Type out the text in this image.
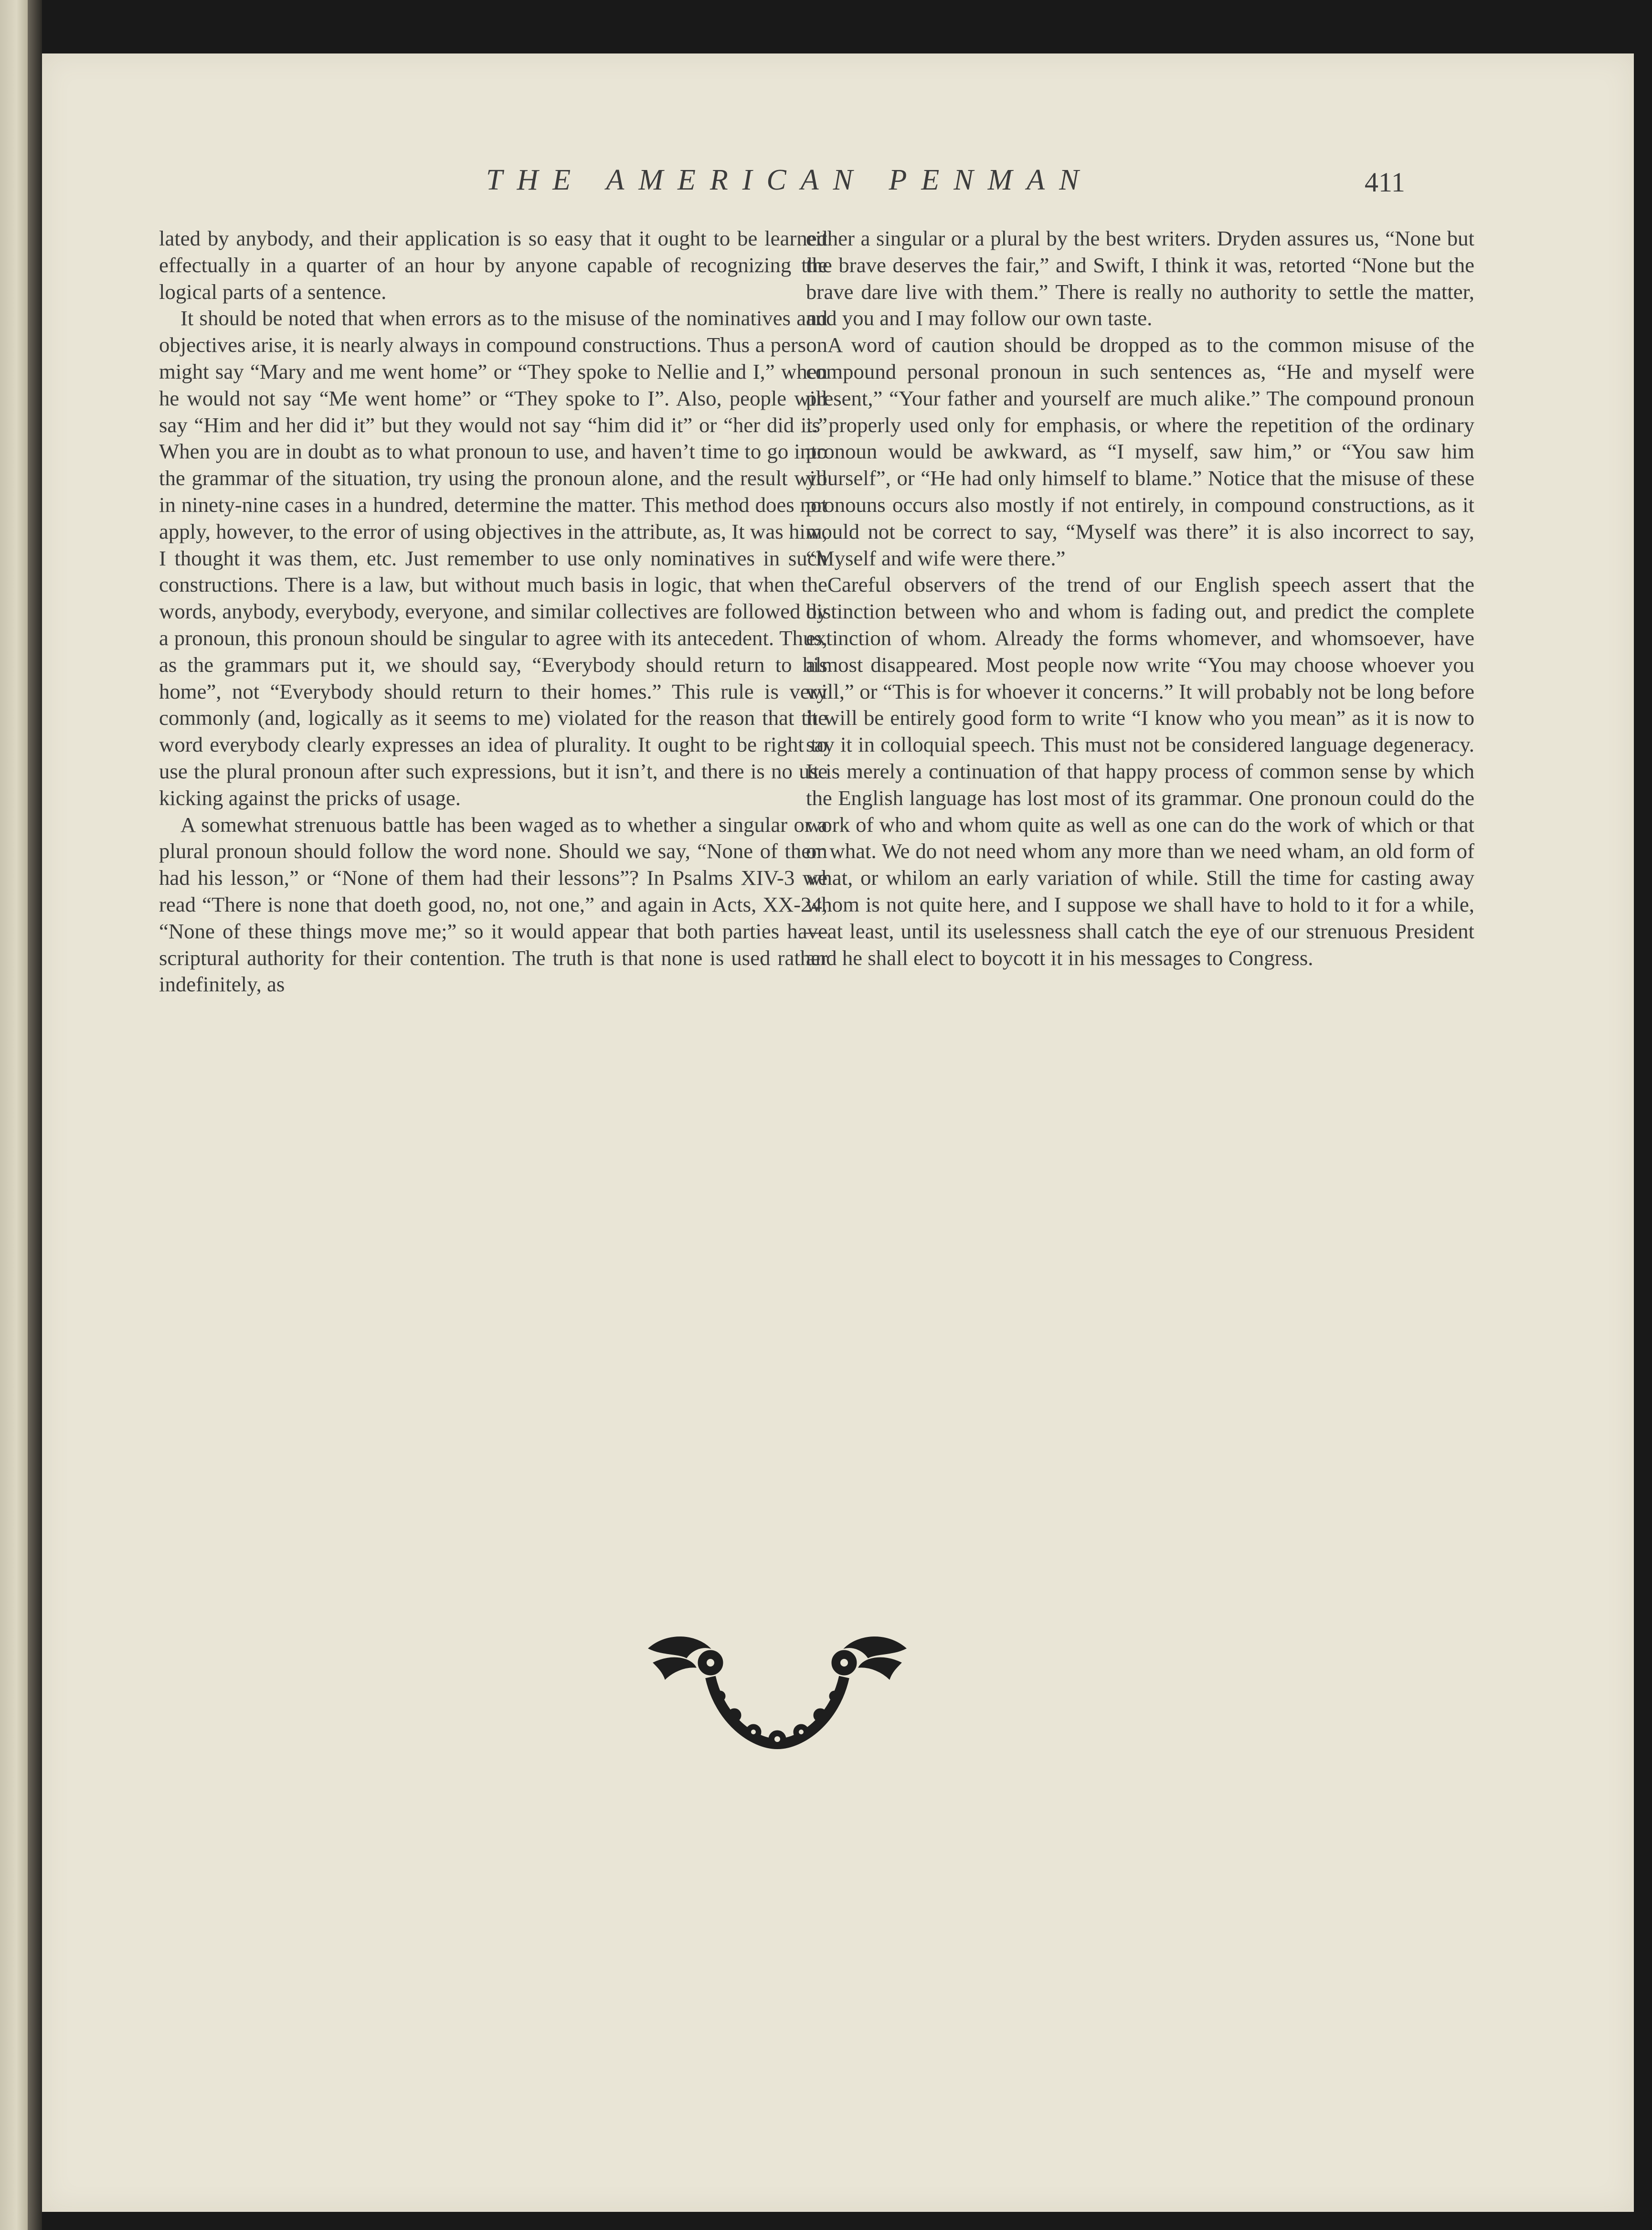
THE AMERICAN PENMAN	411

lated by anybody, and their application is so easy that it ought to be learned effectually in a quarter of an hour by anyone capable of recognizing the logical parts of a sentence.

It should be noted that when errors as to the misuse of the nominatives and objectives arise, it is nearly always in compound constructions. Thus a person might say “Mary and me went home” or “They spoke to Nellie and I,” when he would not say “Me went home” or “They spoke to I”. Also, people will say “Him and her did it” but they would not say “him did it” or “her did it.” When you are in doubt as to what pronoun to use, and haven’t time to go into the grammar of the situation, try using the pronoun alone, and the result will in ninety-nine cases in a hundred, determine the matter. This method does not apply, however, to the error of using objectives in the attribute, as, It was him, I thought it was them, etc. Just remember to use only nominatives in such constructions. There is a law, but without much basis in logic, that when the words, anybody, everybody, everyone, and similar collectives are followed by a pronoun, this pronoun should be singular to agree with its antecedent. Thus, as the grammars put it, we should say, “Everybody should return to his home”, not “Everybody should return to their homes.” This rule is very commonly (and, logically as it seems to me) violated for the reason that the word everybody clearly expresses an idea of plurality. It ought to be right to use the plural pronoun after such expressions, but it isn’t, and there is no use kicking against the pricks of usage.

A somewhat strenuous battle has been waged as to whether a singular or a plural pronoun should follow the word none. Should we say, “None of them had his lesson,” or “None of them had their lessons”? In Psalms XIV-3 we read “There is none that doeth good, no, not one,” and again in Acts, XX-24, “None of these things move me;” so it would appear that both parties have scriptural authority for their contention. The truth is that none is used rather indefinitely, as

either a singular or a plural by the best writers. Dryden assures us, “None but the brave deserves the fair,” and Swift, I think it was, retorted “None but the brave dare live with them.” There is really no authority to settle the matter, and you and I may follow our own taste.

A word of caution should be dropped as to the common misuse of the compound personal pronoun in such sentences as, “He and myself were present,” “Your father and yourself are much alike.” The compound pronoun is properly used only for emphasis, or where the repetition of the ordinary pronoun would be awkward, as “I myself, saw him,” or “You saw him yourself”, or “He had only himself to blame.” Notice that the misuse of these pronouns occurs also mostly if not entirely, in compound constructions, as it would not be correct to say, “Myself was there” it is also incorrect to say, “Myself and wife were there.”

Careful observers of the trend of our English speech assert that the distinction between who and whom is fading out, and predict the complete extinction of whom. Already the forms whomever, and whomsoever, have almost disappeared. Most people now write “You may choose whoever you will,” or “This is for whoever it concerns.” It will probably not be long before it will be entirely good form to write “I know who you mean” as it is now to say it in colloquial speech. This must not be considered language degeneracy. It is merely a continuation of that happy process of common sense by which the English language has lost most of its grammar. One pronoun could do the work of who and whom quite as well as one can do the work of which or that or what. We do not need whom any more than we need wham, an old form of what, or whilom an early variation of while. Still the time for casting away whom is not quite here, and I suppose we shall have to hold to it for a while,—at least, until its uselessness shall catch the eye of our strenuous President and he shall elect to boycott it in his messages to Congress.
